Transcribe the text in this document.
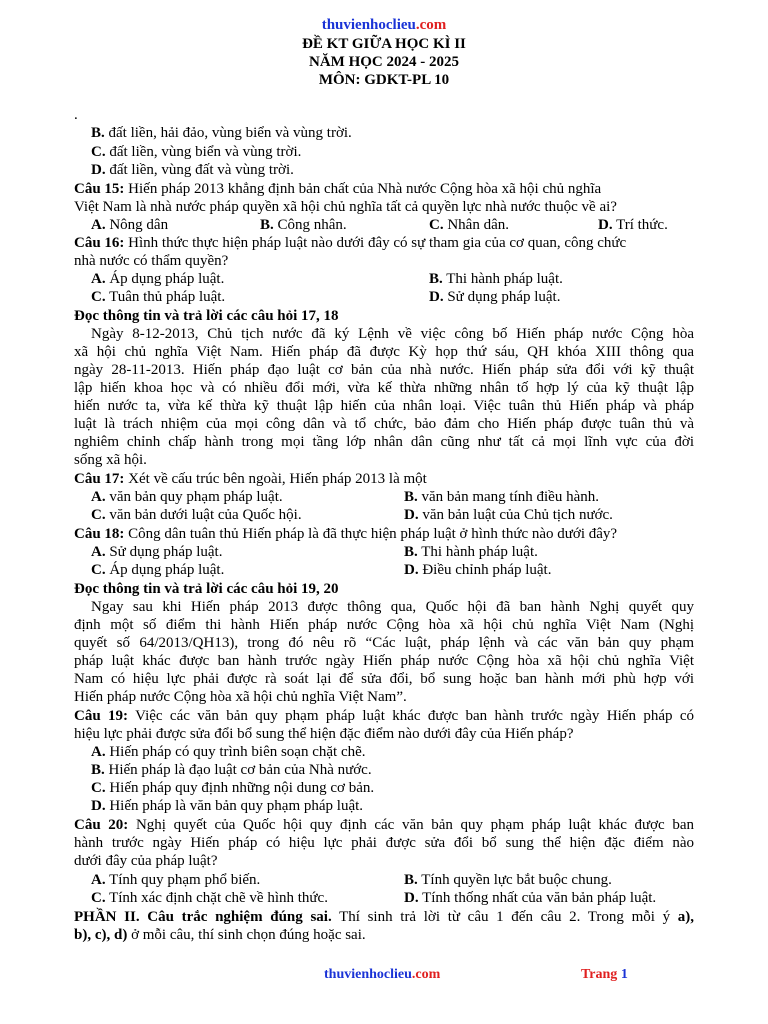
thuvienhoclieu.com
ĐỀ KT GIỮA HỌC KÌ II
NĂM HỌC 2024 - 2025
MÔN: GDKT-PL 10
.
B. đất liền, hải đảo, vùng biển và vùng trời.
C. đất liền, vùng biển và vùng trời.
D. đất liền, vùng đất và vùng trời.
Câu 15: Hiến pháp 2013 khẳng định bản chất của Nhà nước Cộng hòa xã hội chủ nghĩa
Việt Nam là nhà nước pháp quyền xã hội chủ nghĩa tất cả quyền lực nhà nước thuộc về ai?
A. Nông dân	B. Công nhân.	C. Nhân dân.	D. Trí thức.
Câu 16: Hình thức thực hiện pháp luật nào dưới đây có sự tham gia của cơ quan, công chức
nhà nước có thẩm quyền?
A. Áp dụng pháp luật.	B. Thi hành pháp luật.
C. Tuân thủ pháp luật.	D. Sử dụng pháp luật.
Đọc thông tin và trả lời các câu hỏi 17, 18
Ngày 8-12-2013, Chủ tịch nước đã ký Lệnh về việc công bố Hiến pháp nước Cộng hòa
xã hội chủ nghĩa Việt Nam. Hiến pháp đã được Kỳ họp thứ sáu, QH khóa XIII thông qua
ngày 28-11-2013. Hiến pháp đạo luật cơ bản của nhà nước. Hiến pháp sửa đổi với kỹ thuật
lập hiến khoa học và có nhiều đổi mới, vừa kế thừa những nhân tố hợp lý của kỹ thuật lập
hiến nước ta, vừa kế thừa kỹ thuật lập hiến của nhân loại. Việc tuân thủ Hiến pháp và pháp
luật là trách nhiệm của mọi công dân và tổ chức, bảo đảm cho Hiến pháp được tuân thủ và
nghiêm chỉnh chấp hành trong mọi tầng lớp nhân dân cũng như tất cả mọi lĩnh vực của đời
sống xã hội.
Câu 17: Xét về cấu trúc bên ngoài, Hiến pháp 2013 là một
A. văn bản quy phạm pháp luật.	B. văn bản mang tính điều hành.
C. văn bản dưới luật của Quốc hội.	D. văn bản luật của Chủ tịch nước.
Câu 18: Công dân tuân thủ Hiến pháp là đã thực hiện pháp luật ở hình thức nào dưới đây?
A. Sử dụng pháp luật.	B. Thi hành pháp luật.
C. Áp dụng pháp luật.	D. Điều chỉnh pháp luật.
Đọc thông tin và trả lời các câu hỏi 19, 20
Ngay sau khi Hiến pháp 2013 được thông qua, Quốc hội đã ban hành Nghị quyết quy
định một số điểm thi hành Hiến pháp nước Cộng hòa xã hội chủ nghĩa Việt Nam (Nghị
quyết số 64/2013/QH13), trong đó nêu rõ “Các luật, pháp lệnh và các văn bản quy phạm
pháp luật khác được ban hành trước ngày Hiến pháp nước Cộng hòa xã hội chủ nghĩa Việt
Nam có hiệu lực phải được rà soát lại để sửa đổi, bổ sung hoặc ban hành mới phù hợp với
Hiến pháp nước Cộng hòa xã hội chủ nghĩa Việt Nam”.
Câu 19: Việc các văn bản quy phạm pháp luật khác được ban hành trước ngày Hiến pháp có
hiệu lực phải được sửa đổi bổ sung thể hiện đặc điểm nào dưới đây của Hiến pháp?
A. Hiến pháp có quy trình biên soạn chặt chẽ.
B. Hiến pháp là đạo luật cơ bản của Nhà nước.
C. Hiến pháp quy định những nội dung cơ bản.
D. Hiến pháp là văn bản quy phạm pháp luật.
Câu 20: Nghị quyết của Quốc hội quy định các văn bản quy phạm pháp luật khác được ban
hành trước ngày Hiến pháp có hiệu lực phải được sửa đổi bổ sung thể hiện đặc điểm nào
dưới đây của pháp luật?
A. Tính quy phạm phổ biến.	B. Tính quyền lực bắt buộc chung.
C. Tính xác định chặt chẽ về hình thức.	D. Tính thống nhất của văn bản pháp luật.
PHẦN II. Câu trắc nghiệm đúng sai. Thí sinh trả lời từ câu 1 đến câu 2. Trong mỗi ý a),
b), c), d) ở mỗi câu, thí sinh chọn đúng hoặc sai.
thuvienhoclieu.com	Trang 1
